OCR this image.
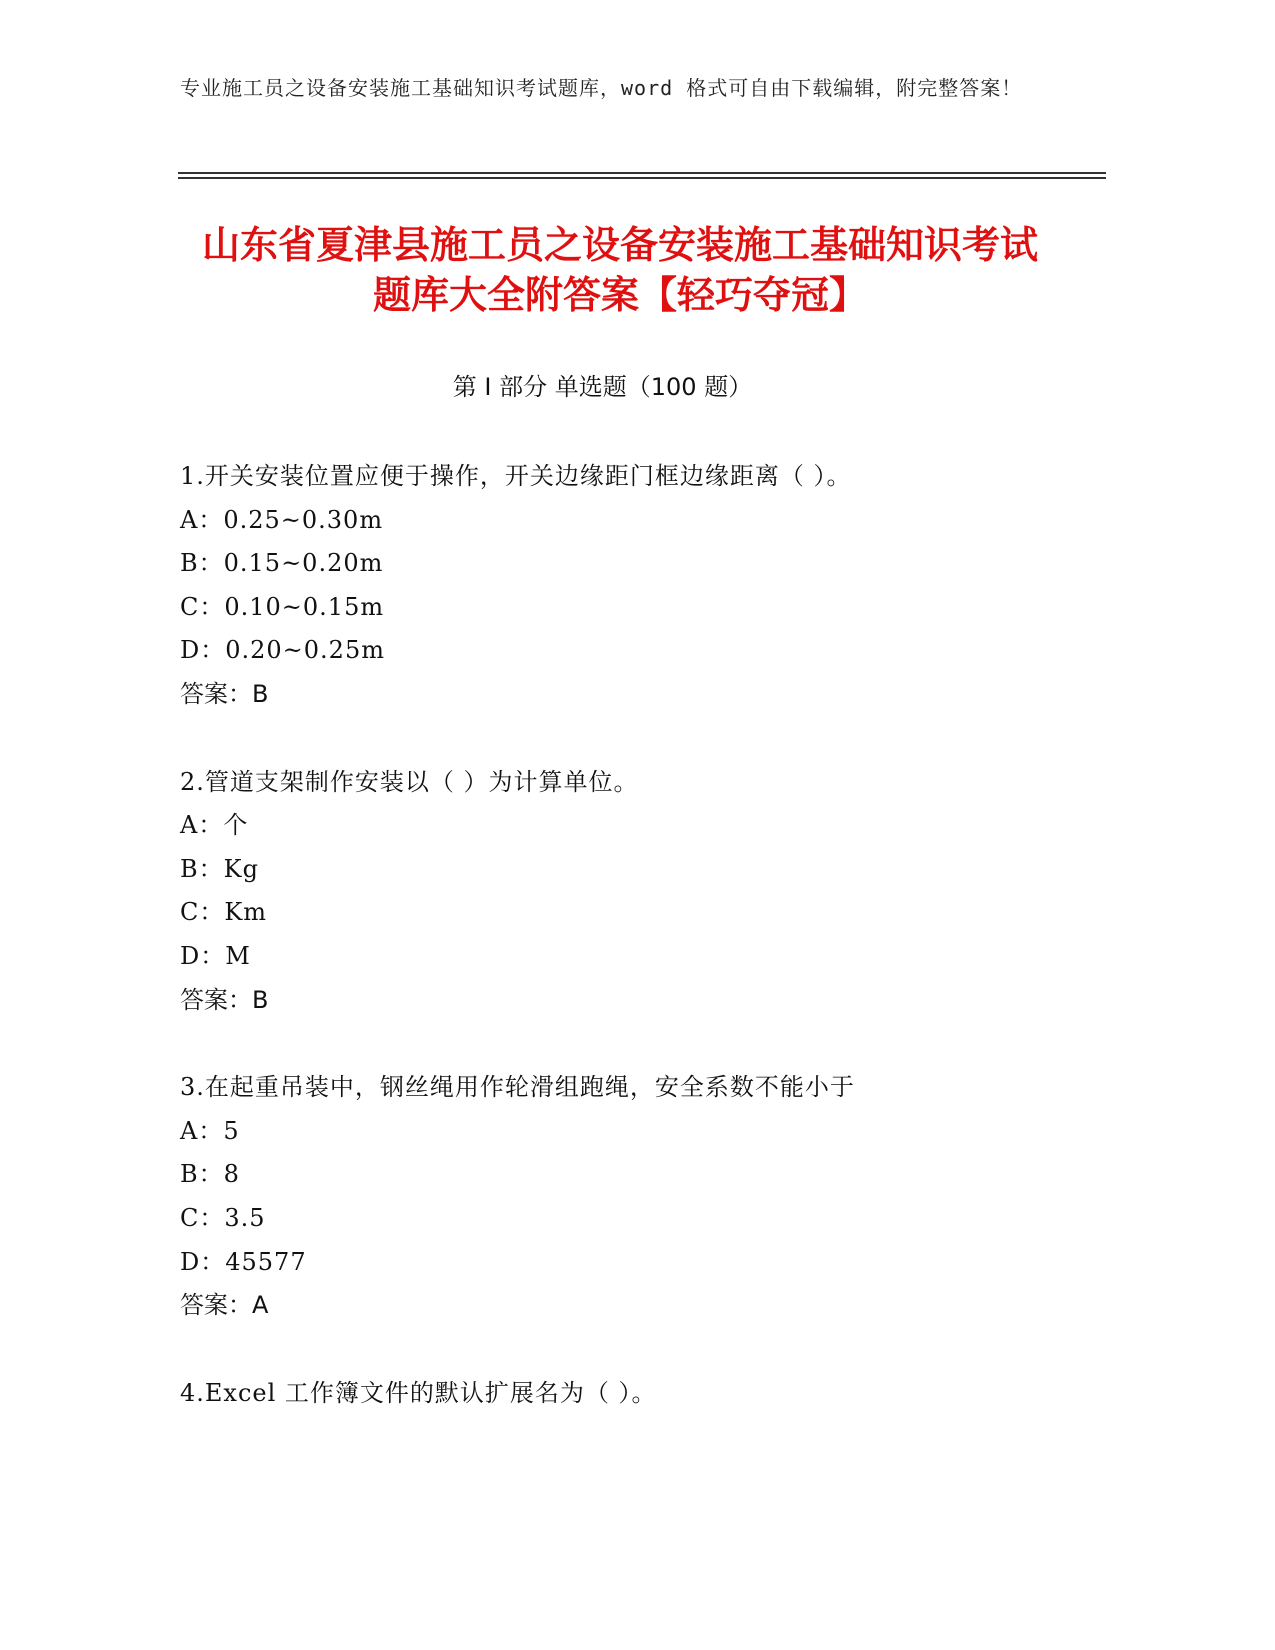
专业施工员之设备安装施工基础知识考试题库，word 格式可自由下载编辑，附完整答案！
山东省夏津县施工员之设备安装施工基础知识考试题库大全附答案【轻巧夺冠】
第 I 部分 单选题（100 题）
1.开关安装位置应便于操作，开关边缘距门框边缘距离（ ）。
A：0.25~0.30m
B：0.15~0.20m
C：0.10~0.15m
D：0.20~0.25m
答案：B
2.管道支架制作安装以（ ）为计算单位。
A：个
B：Kg
C：Km
D：M
答案：B
3.在起重吊装中，钢丝绳用作轮滑组跑绳，安全系数不能小于
A：5
B：8
C：3.5
D：45577
答案：A
4.Excel 工作簿文件的默认扩展名为（ ）。
